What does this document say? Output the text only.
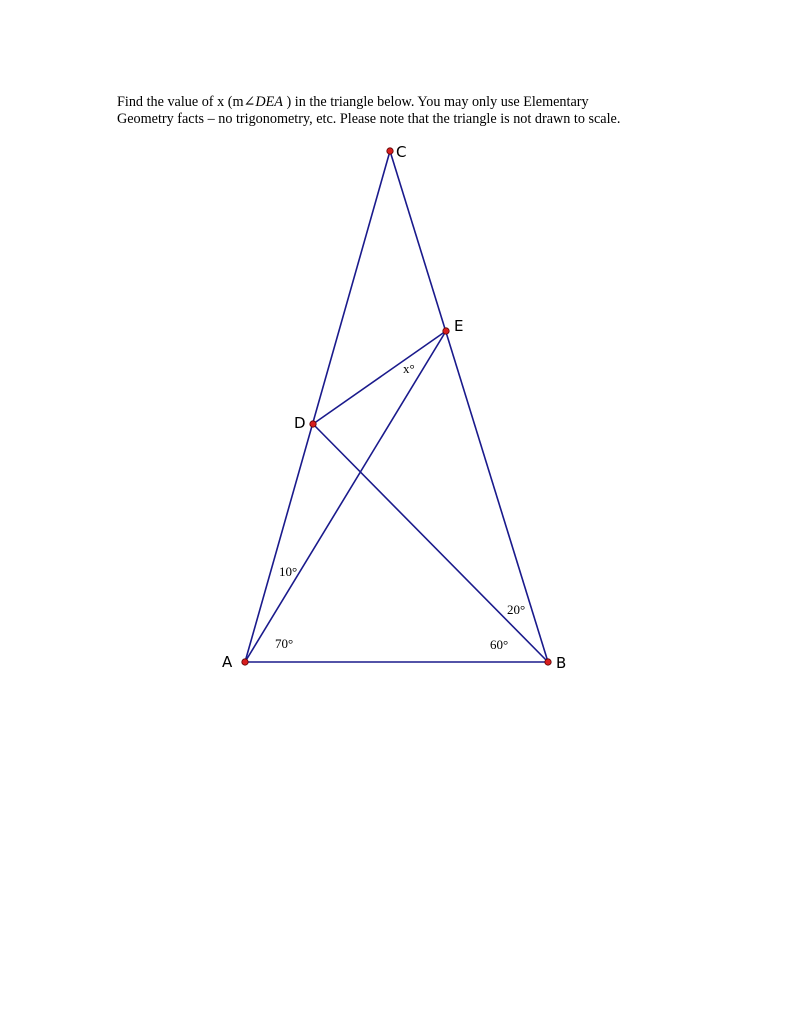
Find the value of x (m∠DEA ) in the triangle below. You may only use Elementary
Geometry facts – no trigonometry, etc. Please note that the triangle is not drawn to scale.

A	B
C
D
E
10°
70°
20°
60°
x°
